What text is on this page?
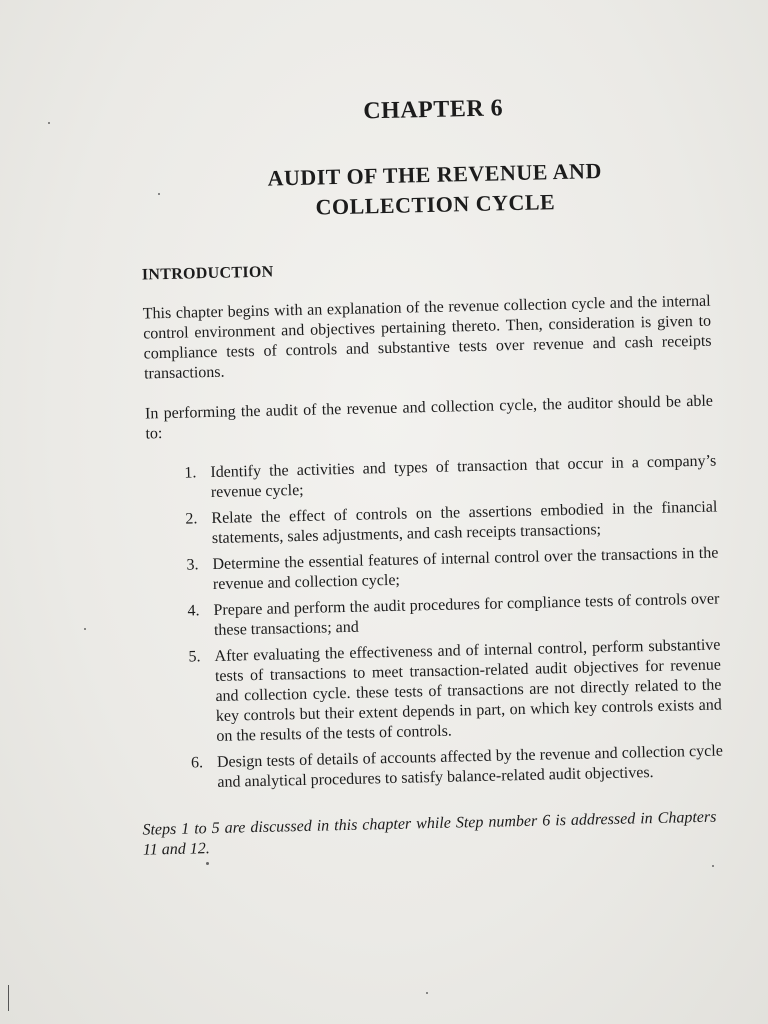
CHAPTER 6
AUDIT OF THE REVENUE AND
COLLECTION CYCLE
INTRODUCTION

This chapter begins with an explanation of the revenue collection cycle and the internal control environment and objectives pertaining thereto. Then, consideration is given to compliance tests of controls and substantive tests over revenue and cash receipts transactions.

In performing the audit of the revenue and collection cycle, the auditor should be able to:

1. Identify the activities and types of transaction that occur in a company’s revenue cycle;
2. Relate the effect of controls on the assertions embodied in the financial statements, sales adjustments, and cash receipts transactions;
3. Determine the essential features of internal control over the transactions in the revenue and collection cycle;
4. Prepare and perform the audit procedures for compliance tests of controls over these transactions; and
5. After evaluating the effectiveness and of internal control, perform substantive tests of transactions to meet transaction-related audit objectives for revenue and collection cycle. these tests of transactions are not directly related to the key controls but their extent depends in part, on which key controls exists and on the results of the tests of controls.
6. Design tests of details of accounts affected by the revenue and collection cycle and analytical procedures to satisfy balance-related audit objectives.

Steps 1 to 5 are discussed in this chapter while Step number 6 is addressed in Chapters 11 and 12.
